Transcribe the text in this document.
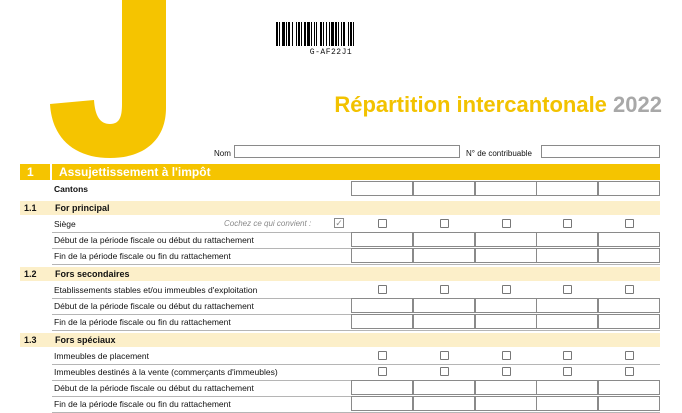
G-AF22J1
Répartition intercantonale 2022
Nom	N° de contribuable
1 Assujettissement à l'impôt
Cantons
1.1 For principal
Siège	Cochez ce qui convient :	✓
Début de la période fiscale ou début du rattachement
Fin de la période fiscale ou fin du rattachement
1.2 Fors secondaires
Etablissements stables et/ou immeubles d'exploitation
Début de la période fiscale ou début du rattachement
Fin de la période fiscale ou fin du rattachement
1.3 Fors spéciaux
Immeubles de placement
Immeubles destinés à la vente (commerçants d'immeubles)
Début de la période fiscale ou début du rattachement
Fin de la période fiscale ou fin du rattachement
